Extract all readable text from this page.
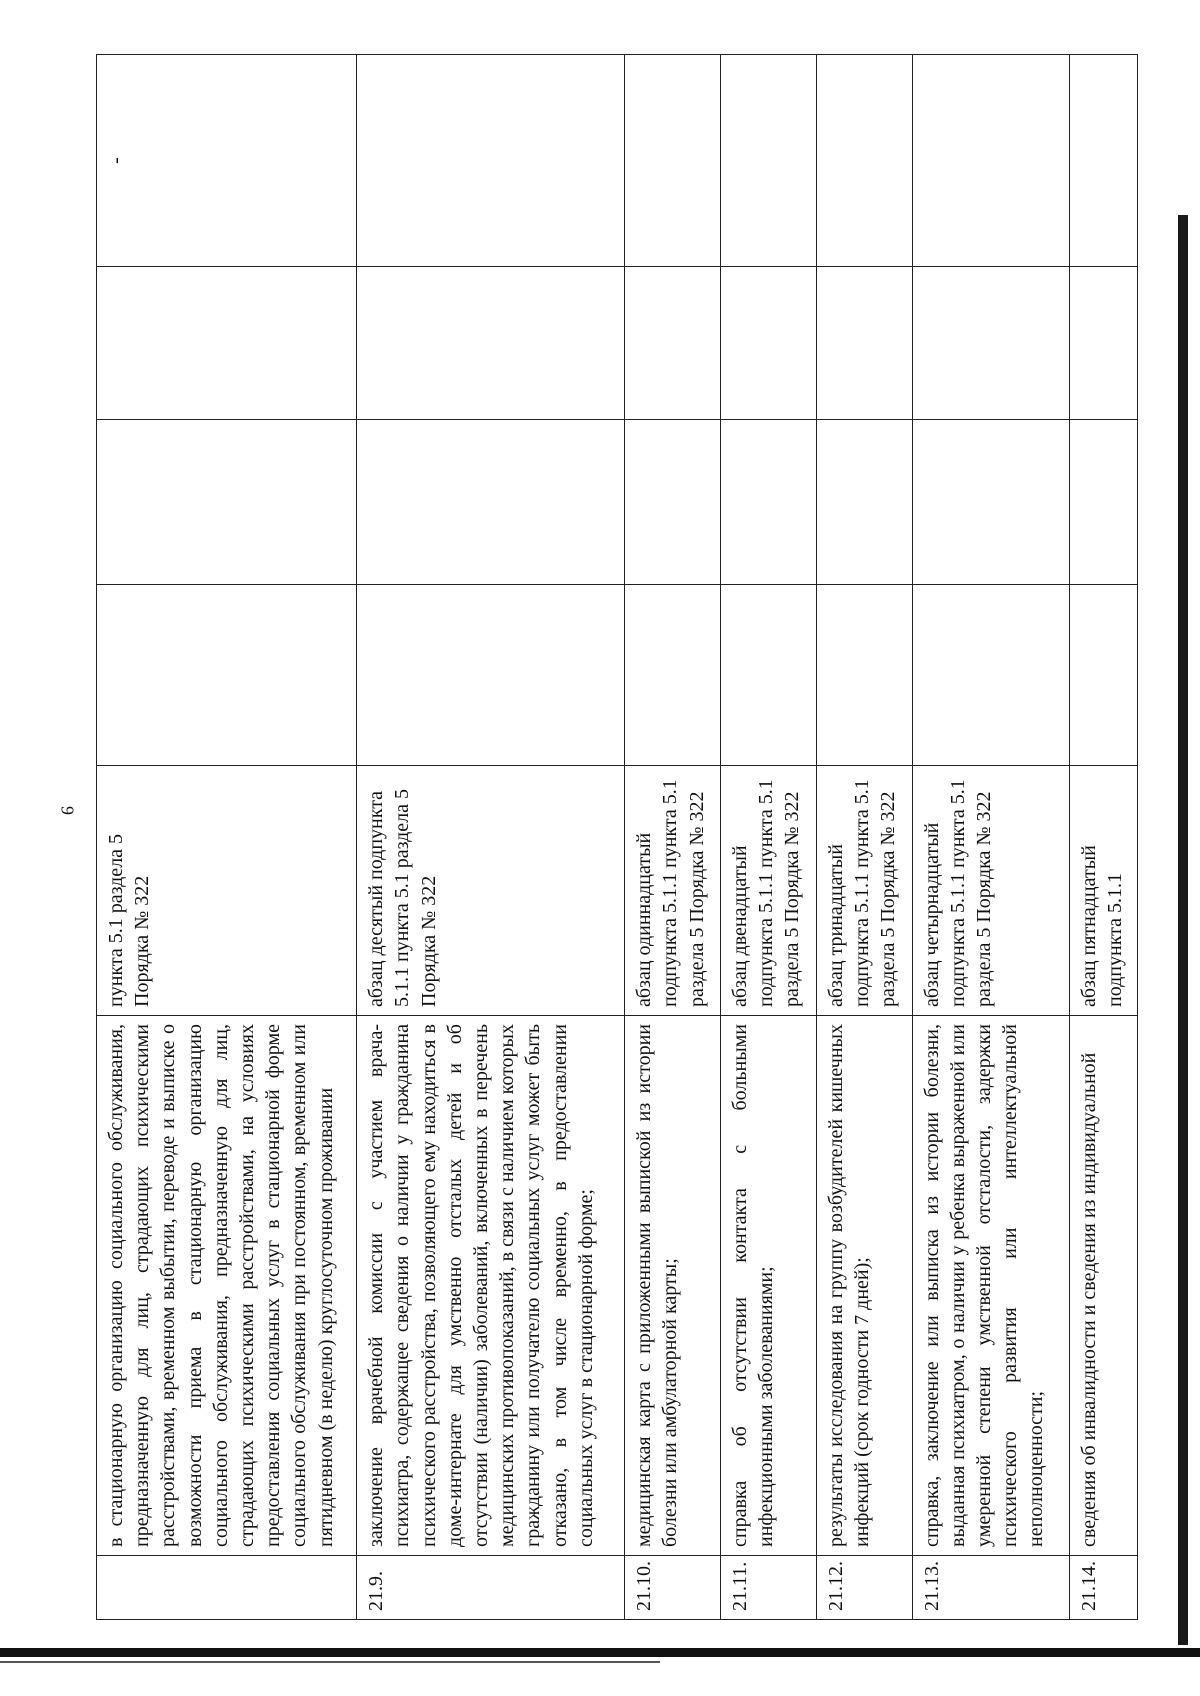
9
	в стационарную организацию социального обслуживания, предназначенную для лиц, страдающих психическими расстройствами, временном выбытии, переводе и выписке о возможности приема в стационарную организацию социального обслуживания, предназначенную для лиц, страдающих психическими расстройствами, на условиях предоставления социальных услуг в стационарной форме социального обслуживания при постоянном, временном или пятидневном (в неделю) круглосуточном проживании	пункта 5.1 раздела 5 Порядка № 322				-
21.9.	заключение врачебной комиссии с участием врача-психиатра, содержащее сведения о наличии у гражданина психического расстройства, позволяющего ему находиться в доме-интернате для умственно отсталых детей и об отсутствии (наличии) заболеваний, включенных в перечень медицинских противопоказаний, в связи с наличием которых гражданину или получателю социальных услуг может быть отказано, в том числе временно, в предоставлении социальных услуг в стационарной форме;	абзац десятый подпункта 5.1.1 пункта 5.1 раздела 5 Порядка № 322				
21.10.	медицинская карта с приложенными выпиской из истории болезни или амбулаторной карты;	абзац одиннадцатый подпункта 5.1.1 пункта 5.1 раздела 5 Порядка № 322				
21.11.	справка об отсутствии контакта с больными инфекционными заболеваниями;	абзац двенадцатый подпункта 5.1.1 пункта 5.1 раздела 5 Порядка № 322				
21.12.	результаты исследования на группу возбудителей кишечных инфекций (срок годности 7 дней);	абзац тринадцатый подпункта 5.1.1 пункта 5.1 раздела 5 Порядка № 322				
21.13.	справка, заключение или выписка из истории болезни, выданная психиатром, о наличии у ребенка выраженной или умеренной степени умственной отсталости, задержки психического развития или интеллектуальной неполноценности;	абзац четырнадцатый подпункта 5.1.1 пункта 5.1 раздела 5 Порядка № 322				
21.14.	сведения об инвалидности и сведения из индивидуальной	абзац пятнадцатый подпункта 5.1.1				
